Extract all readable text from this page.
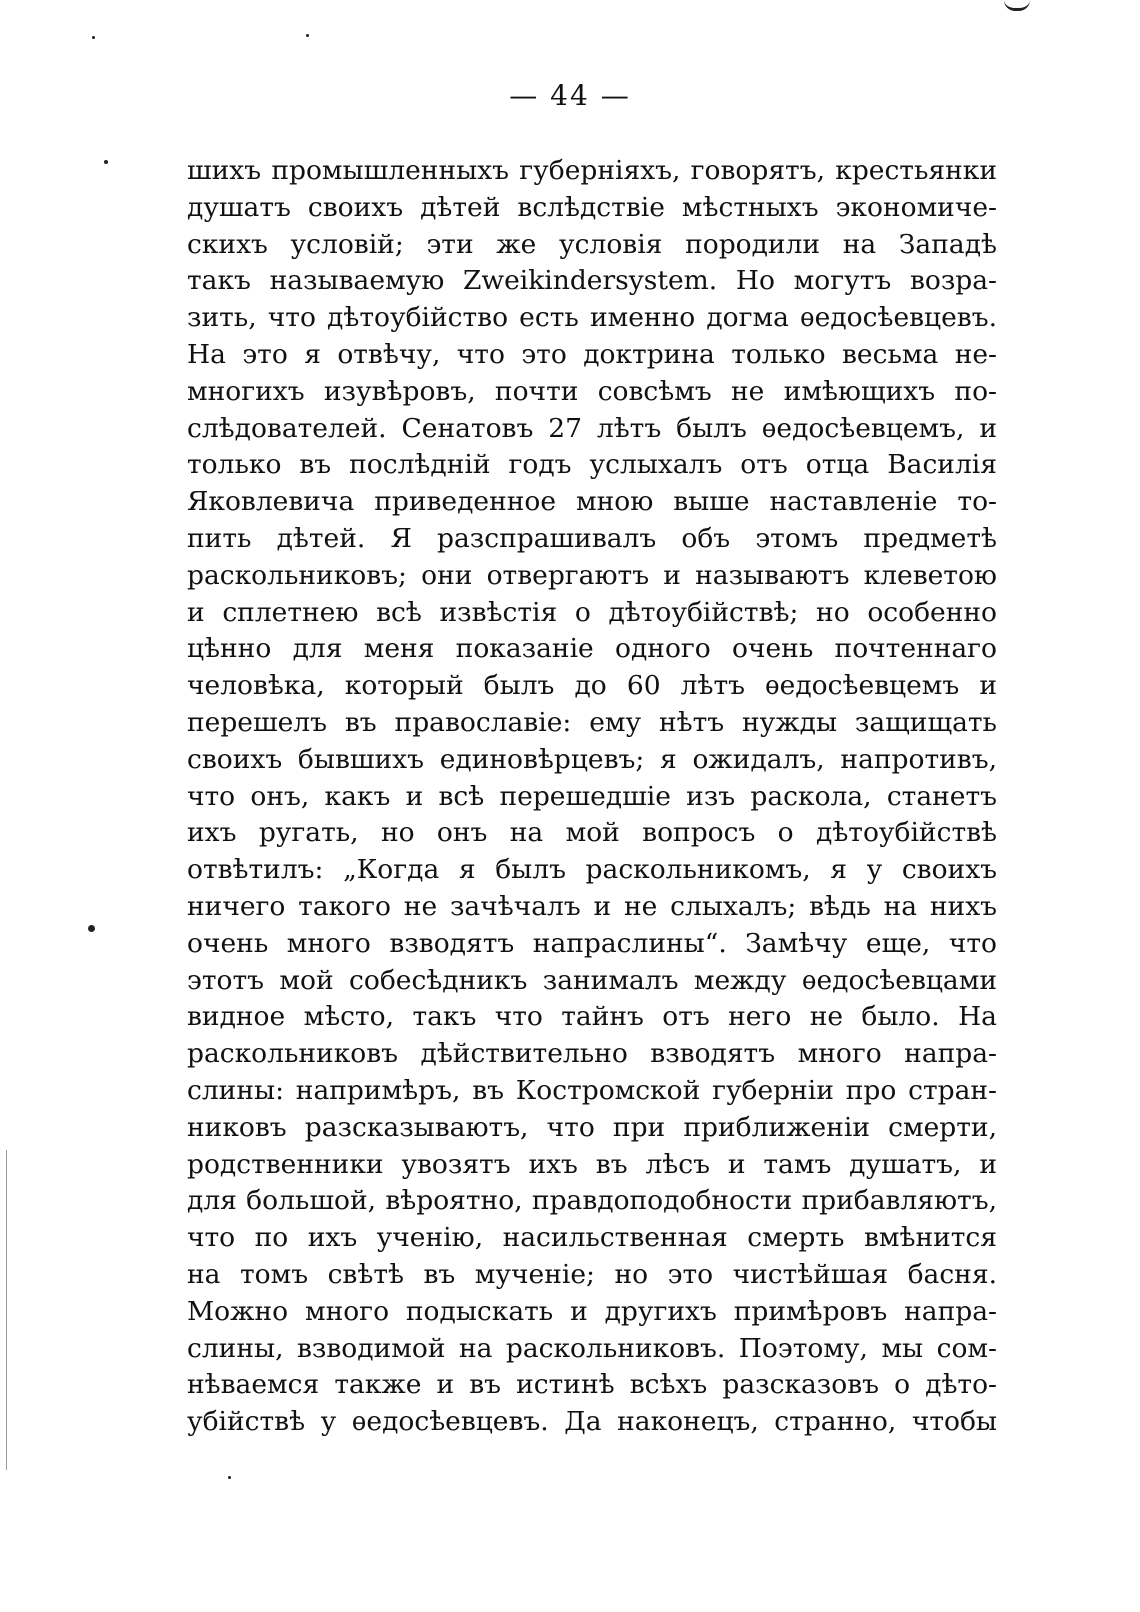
— 44 —
шихъ промышленныхъ губерніяхъ, говорятъ, крестьянки
душатъ своихъ дѣтей вслѣдствіе мѣстныхъ экономиче-
скихъ условій; эти же условія породили на Западѣ
такъ называемую Zweikindersystem. Но могутъ возра-
зить, что дѣтоубійство есть именно догма ѳедосѣевцевъ.
На это я отвѣчу, что это доктрина только весьма не-
многихъ изувѣровъ, почти совсѣмъ не имѣющихъ по-
слѣдователей. Сенатовъ 27 лѣтъ былъ ѳедосѣевцемъ, и
только въ послѣдній годъ услыхалъ отъ отца Василія
Яковлевича приведенное мною выше наставленіе то-
пить дѣтей. Я разспрашивалъ объ этомъ предметѣ
раскольниковъ; они отвергаютъ и называютъ клеветою
и сплетнею всѣ извѣстія о дѣтоубійствѣ; но особенно
цѣнно для меня показаніе одного очень почтеннаго
человѣка, который былъ до 60 лѣтъ ѳедосѣевцемъ и
перешелъ въ православіе: ему нѣтъ нужды защищать
своихъ бывшихъ единовѣрцевъ; я ожидалъ, напротивъ,
что онъ, какъ и всѣ перешедшіе изъ раскола, станетъ
ихъ ругать, но онъ на мой вопросъ о дѣтоубійствѣ
отвѣтилъ: „Когда я былъ раскольникомъ, я у своихъ
ничего такого не зачѣчалъ и не слыхалъ; вѣдь на нихъ
очень много взводятъ напраслины“. Замѣчу еще, что
этотъ мой собесѣдникъ занималъ между ѳедосѣевцами
видное мѣсто, такъ что тайнъ отъ него не было. На
раскольниковъ дѣйствительно взводятъ много напра-
слины: напримѣръ, въ Костромской губерніи про стран-
никовъ разсказываютъ, что при приближеніи смерти,
родственники увозятъ ихъ въ лѣсъ и тамъ душатъ, и
для большой, вѣроятно, правдоподобности прибавляютъ,
что по ихъ ученію, насильственная смерть вмѣнится
на томъ свѣтѣ въ мученіе; но это чистѣйшая басня.
Можно много подыскать и другихъ примѣровъ напра-
слины, взводимой на раскольниковъ. Поэтому, мы сом-
нѣваемся также и въ истинѣ всѣхъ разсказовъ о дѣто-
убійствѣ у ѳедосѣевцевъ. Да наконецъ, странно, чтобы
